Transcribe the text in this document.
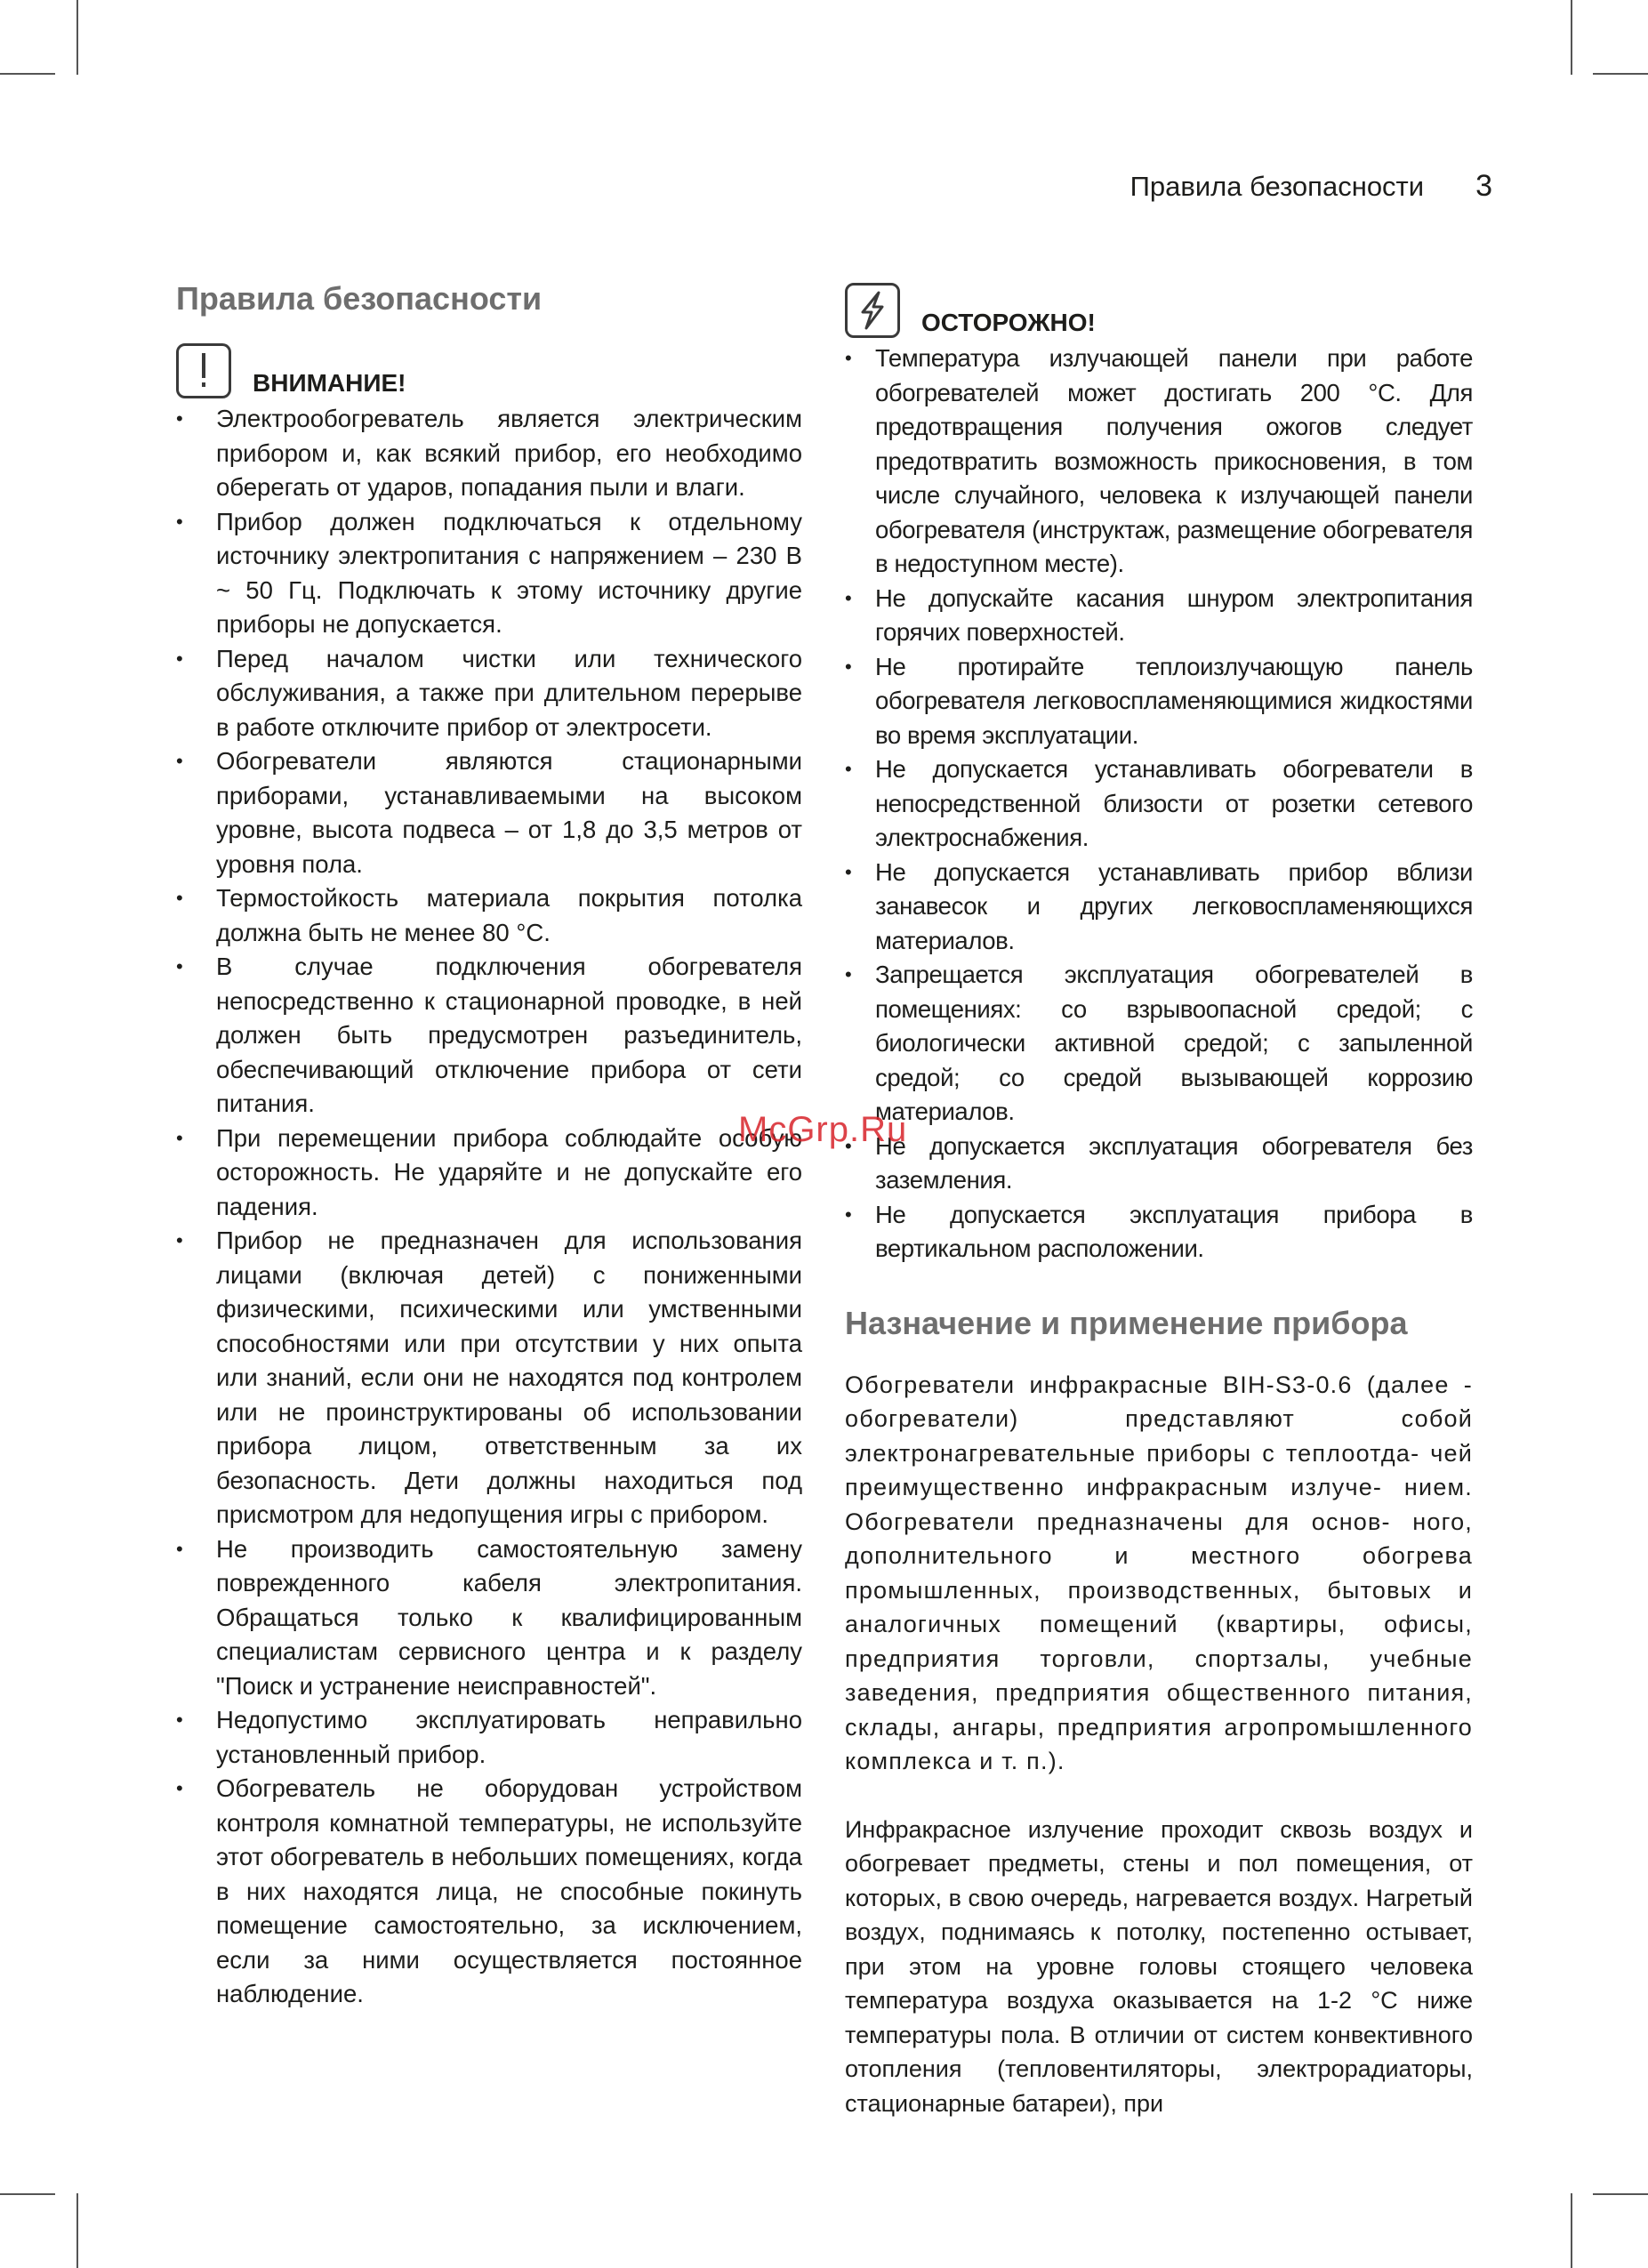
Правила безопасности 3
Правила безопасности
ВНИМАНИЕ!
• Электрообогреватель является электрическим прибором и, как всякий прибор, его необходимо оберегать от ударов, попадания пыли и влаги.
• Прибор должен подключаться к отдельному источнику электропитания с напряжением – 230 В ~ 50 Гц. Подключать к этому источнику другие приборы не допускается.
• Перед началом чистки или технического обслуживания, а также при длительном перерыве в работе отключите прибор от электросети.
• Обогреватели являются стационарными приборами, устанавливаемыми на высоком уровне, высота подвеса – от 1,8 до 3,5 метров от уровня пола.
• Термостойкость материала покрытия потолка должна быть не менее 80 °С.
• В случае подключения обогревателя непосредственно к стационарной проводке, в ней должен быть предусмотрен разъединитель, обеспечивающий отключение прибора от сети питания.
• При перемещении прибора соблюдайте особую осторожность. Не ударяйте и не допускайте его падения.
• Прибор не предназначен для использования лицами (включая детей) с пониженными физическими, психическими или умственными способностями или при отсутствии у них опыта или знаний, если они не находятся под контролем или не проинструктированы об использовании прибора лицом, ответственным за их безопасность. Дети должны находиться под присмотром для недопущения игры с прибором.
• Не производить самостоятельную замену поврежденного кабеля электропитания. Обращаться только к квалифицированным специалистам сервисного центра и к разделу "Поиск и устранение неисправностей".
• Недопустимо эксплуатировать неправильно установленный прибор.
• Обогреватель не оборудован устройством контроля комнатной температуры, не используйте этот обогреватель в небольших помещениях, когда в них находятся лица, не способные покинуть помещение самостоятельно, за исключением, если за ними осуществляется постоянное наблюдение.
ОСТОРОЖНО!
• Температура излучающей панели при работе обогревателей может достигать 200 °С. Для предотвращения получения ожогов следует предотвратить возможность прикосновения, в том числе случайного, человека к излучающей панели обогревателя (инструктаж, размещение обогревателя в недоступном месте).
• Не допускайте касания шнуром электропитания горячих поверхностей.
• Не протирайте теплоизлучающую панель обогревателя легковоспламеняющимися жидкостями во время эксплуатации.
• Не допускается устанавливать обогреватели в непосредственной близости от розетки сетевого электроснабжения.
• Не допускается устанавливать прибор вблизи занавесок и других легковоспламеняющихся материалов.
• Запрещается эксплуатация обогревателей в помещениях: со взрывоопасной средой; с биологически активной средой; с запыленной средой; со средой вызывающей коррозию материалов.
• Не допускается эксплуатация обогревателя без заземления.
• Не допускается эксплуатация прибора в вертикальном расположении.
Назначение и применение прибора

Обогреватели инфракрасные BIH-S3-0.6 (далее - обогреватели) представляют собой электронагревательные приборы с теплоотда- чей преимущественно инфракрасным излуче- нием. Обогреватели предназначены для основ- ного, дополнительного и местного обогрева промышленных, производственных, бытовых и аналогичных помещений (квартиры, офисы, предприятия торговли, спортзалы, учебные заведения, предприятия общественного питания, склады, ангары, предприятия агропромышленного комплекса и т. п.).

Инфракрасное излучение проходит сквозь воздух и обогревает предметы, стены и пол помещения, от которых, в свою очередь, нагревается воздух. Нагретый воздух, поднимаясь к потолку, постепенно остывает, при этом на уровне головы стоящего человека температура воздуха оказывается на 1-2 °С ниже температуры пола. В отличии от систем конвективного отопления (тепловентиляторы, электрорадиаторы, стационарные батареи), при

McGrp.Ru
